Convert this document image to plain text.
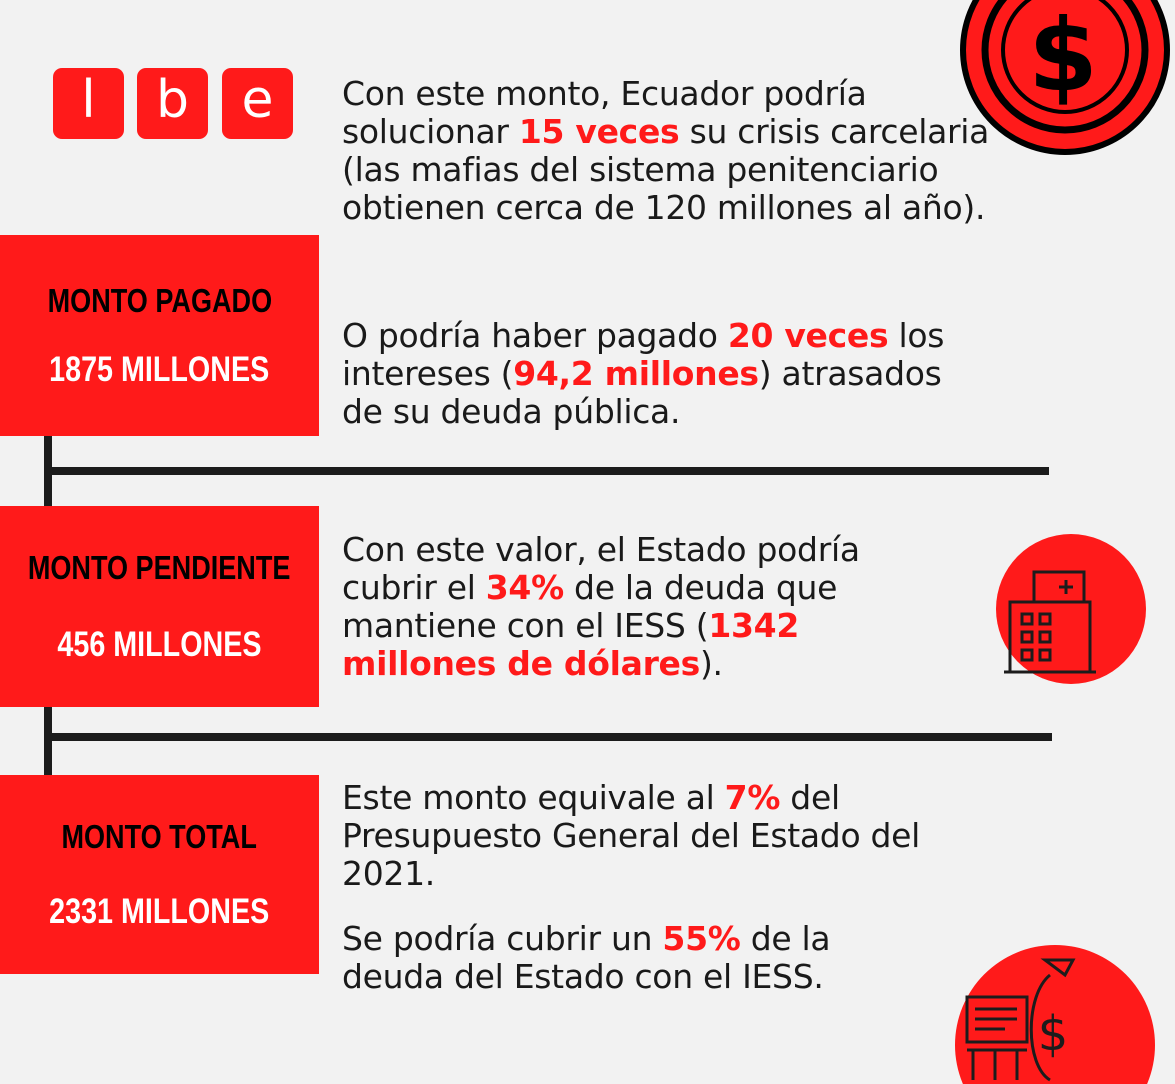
l	b	e	$
MONTO PAGADO
1875 MILLONES
Con este monto, Ecuador podría solucionar 15 veces su crisis carcelaria (las mafias del sistema penitenciario obtienen cerca de 120 millones al año).
O podría haber pagado 20 veces los intereses (94,2 millones) atrasados de su deuda pública.
MONTO PENDIENTE
456 MILLONES
Con este valor, el Estado podría cubrir el 34% de la deuda que mantiene con el IESS (1342 millones de dólares).
MONTO TOTAL
2331 MILLONES
Este monto equivale al 7% del Presupuesto General del Estado del 2021.
Se podría cubrir un 55% de la deuda del Estado con el IESS.
$
